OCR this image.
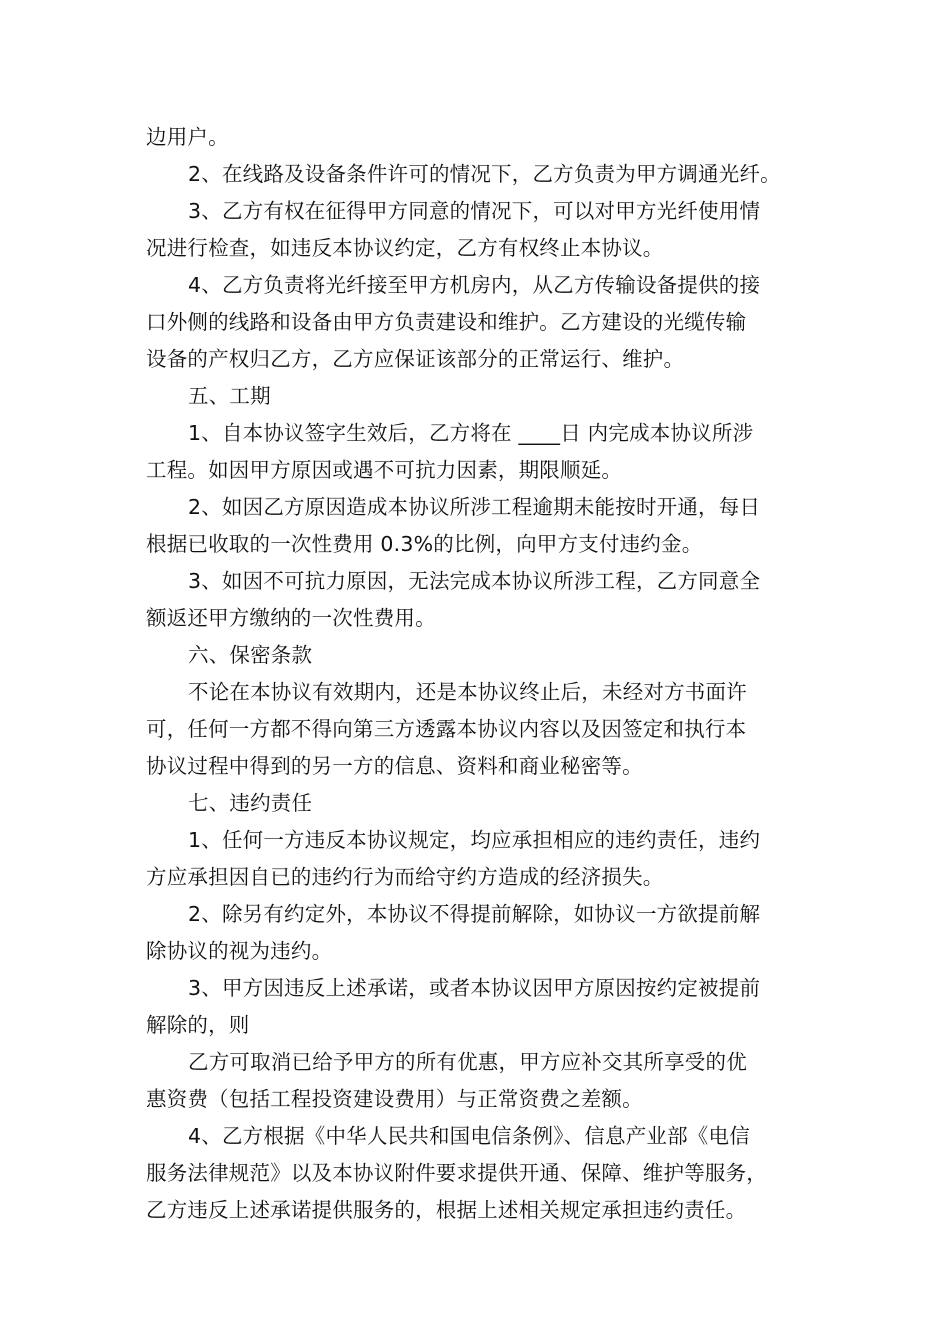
边用户。
2、在线路及设备条件许可的情况下，乙方负责为甲方调通光纤。
3、乙方有权在征得甲方同意的情况下，可以对甲方光纤使用情
况进行检查，如违反本协议约定，乙方有权终止本协议。
4、乙方负责将光纤接至甲方机房内，从乙方传输设备提供的接
口外侧的线路和设备由甲方负责建设和维护。乙方建设的光缆传输
设备的产权归乙方，乙方应保证该部分的正常运行、维护。
五、工期
1、自本协议签字生效后，乙方将在 ____日 内完成本协议所涉
工程。如因甲方原因或遇不可抗力因素，期限顺延。
2、如因乙方原因造成本协议所涉工程逾期未能按时开通，每日
根据已收取的一次性费用 0.3%的比例，向甲方支付违约金。
3、如因不可抗力原因，无法完成本协议所涉工程，乙方同意全
额返还甲方缴纳的一次性费用。
六、保密条款
不论在本协议有效期内，还是本协议终止后，未经对方书面许
可，任何一方都不得向第三方透露本协议内容以及因签定和执行本
协议过程中得到的另一方的信息、资料和商业秘密等。
七、违约责任
1、任何一方违反本协议规定，均应承担相应的违约责任，违约
方应承担因自已的违约行为而给守约方造成的经济损失。
2、除另有约定外，本协议不得提前解除，如协议一方欲提前解
除协议的视为违约。
3、甲方因违反上述承诺，或者本协议因甲方原因按约定被提前
解除的，则
乙方可取消已给予甲方的所有优惠，甲方应补交其所享受的优
惠资费（包括工程投资建设费用）与正常资费之差额。
4、乙方根据《中华人民共和国电信条例》、信息产业部《电信
服务法律规范》以及本协议附件要求提供开通、保障、维护等服务，
乙方违反上述承诺提供服务的，根据上述相关规定承担违约责任。
